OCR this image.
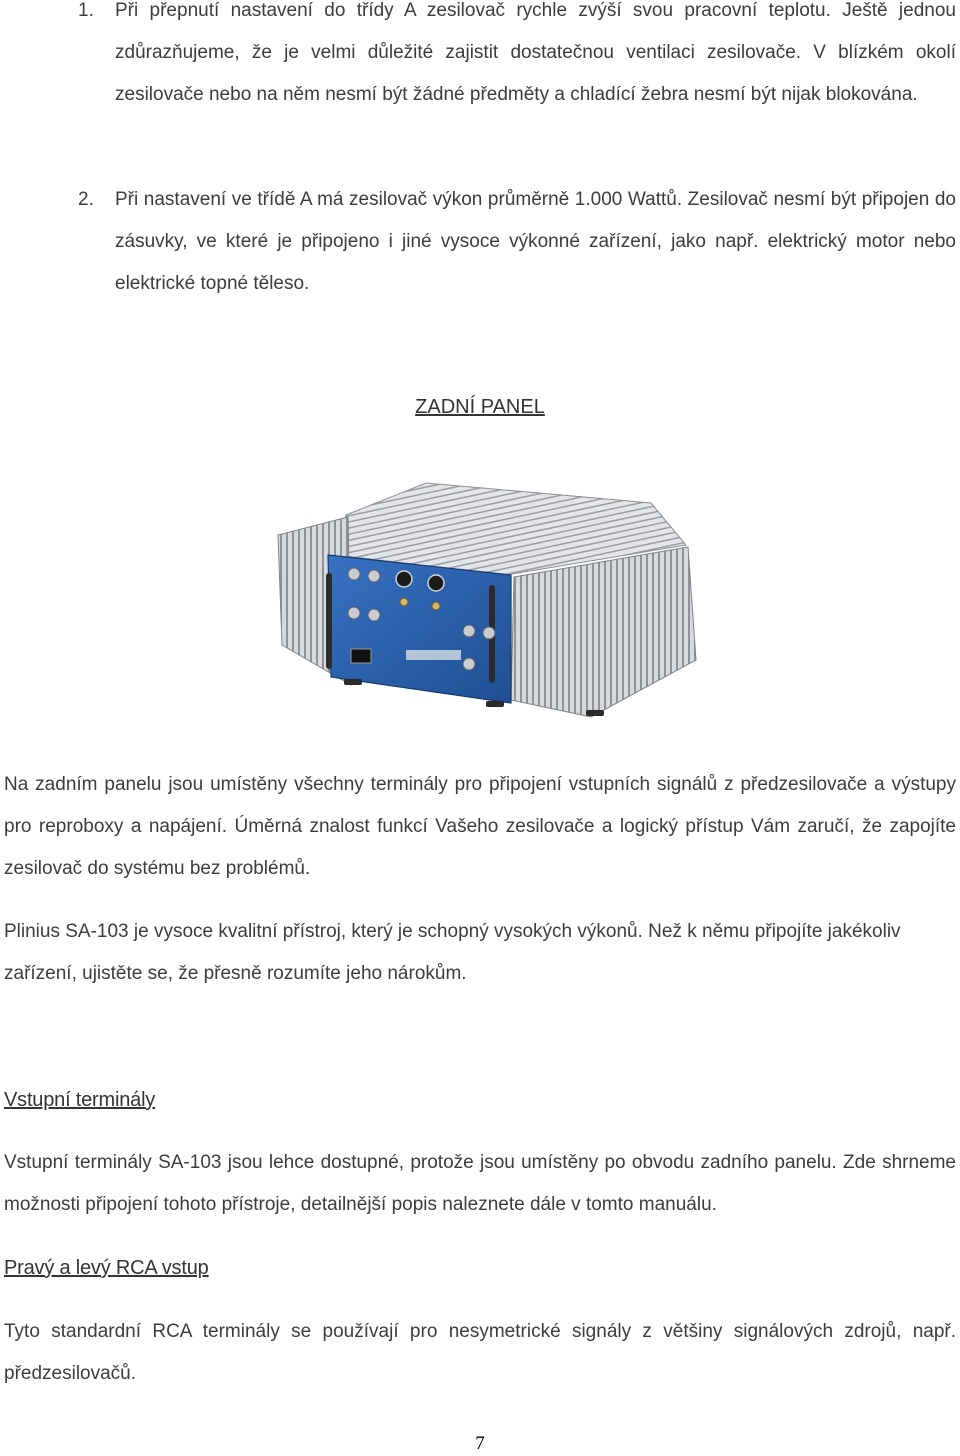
1. Při přepnutí nastavení do třídy A zesilovač rychle zvýší svou pracovní teplotu. Ještě jednou zdůrazňujeme, že je velmi důležité zajistit dostatečnou ventilaci zesilovače. V blízkém okolí zesilovače nebo na něm nesmí být žádné předměty a chladící žebra nesmí být nijak blokována.
2. Při nastavení ve třídě A má zesilovač výkon průměrně 1.000 Wattů. Zesilovač nesmí být připojen do zásuvky, ve které je připojeno i jiné vysoce výkonné zařízení, jako např. elektrický motor nebo elektrické topné těleso.
ZADNÍ PANEL
Na zadním panelu jsou umístěny všechny terminály pro připojení vstupních signálů z předzesilovače a výstupy pro reproboxy a napájení. Úměrná znalost funkcí Vašeho zesilovače a logický přístup Vám zaručí, že zapojíte zesilovač do systému bez problémů.
Plinius SA-103 je vysoce kvalitní přístroj, který je schopný vysokých výkonů. Než k němu připojíte jakékoliv zařízení, ujistěte se, že přesně rozumíte jeho nárokům.
Vstupní terminály
Vstupní terminály SA-103 jsou lehce dostupné, protože jsou umístěny po obvodu zadního panelu. Zde shrneme možnosti připojení tohoto přístroje, detailnější popis naleznete dále v tomto manuálu.
Pravý a levý RCA vstup
Tyto standardní RCA terminály se používají pro nesymetrické signály z většiny signálových zdrojů, např. předzesilovačů.
7
